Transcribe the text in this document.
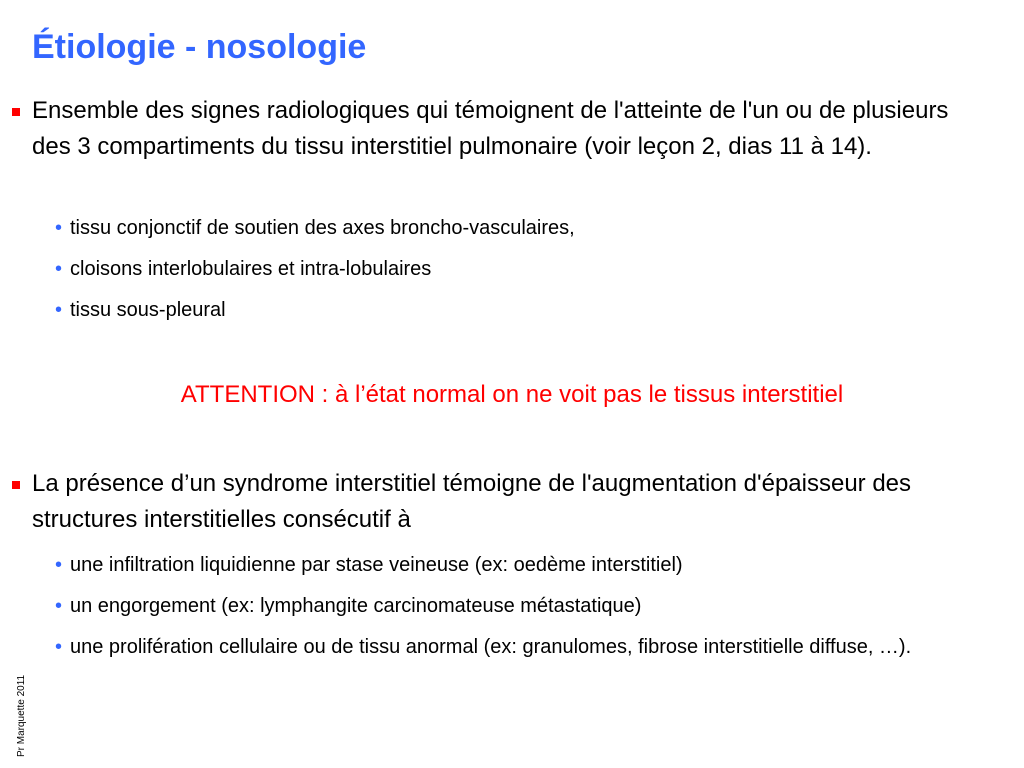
Étiologie - nosologie
Ensemble des signes radiologiques qui témoignent de l'atteinte de l'un ou de plusieurs des 3 compartiments du tissu interstitiel pulmonaire (voir leçon 2, dias 11 à 14).
• tissu conjonctif de soutien des axes broncho-vasculaires,
• cloisons interlobulaires et intra-lobulaires
• tissu sous-pleural
ATTENTION : à l’état normal on ne voit pas le tissus interstitiel
La présence d’un syndrome interstitiel témoigne de l'augmentation d'épaisseur des structures interstitielles consécutif à
• une infiltration liquidienne par stase veineuse (ex: oedème interstitiel)
• un engorgement (ex: lymphangite carcinomateuse métastatique)
• une prolifération cellulaire ou de tissu anormal (ex: granulomes, fibrose interstitielle diffuse, …).
Pr Marquette 2011
